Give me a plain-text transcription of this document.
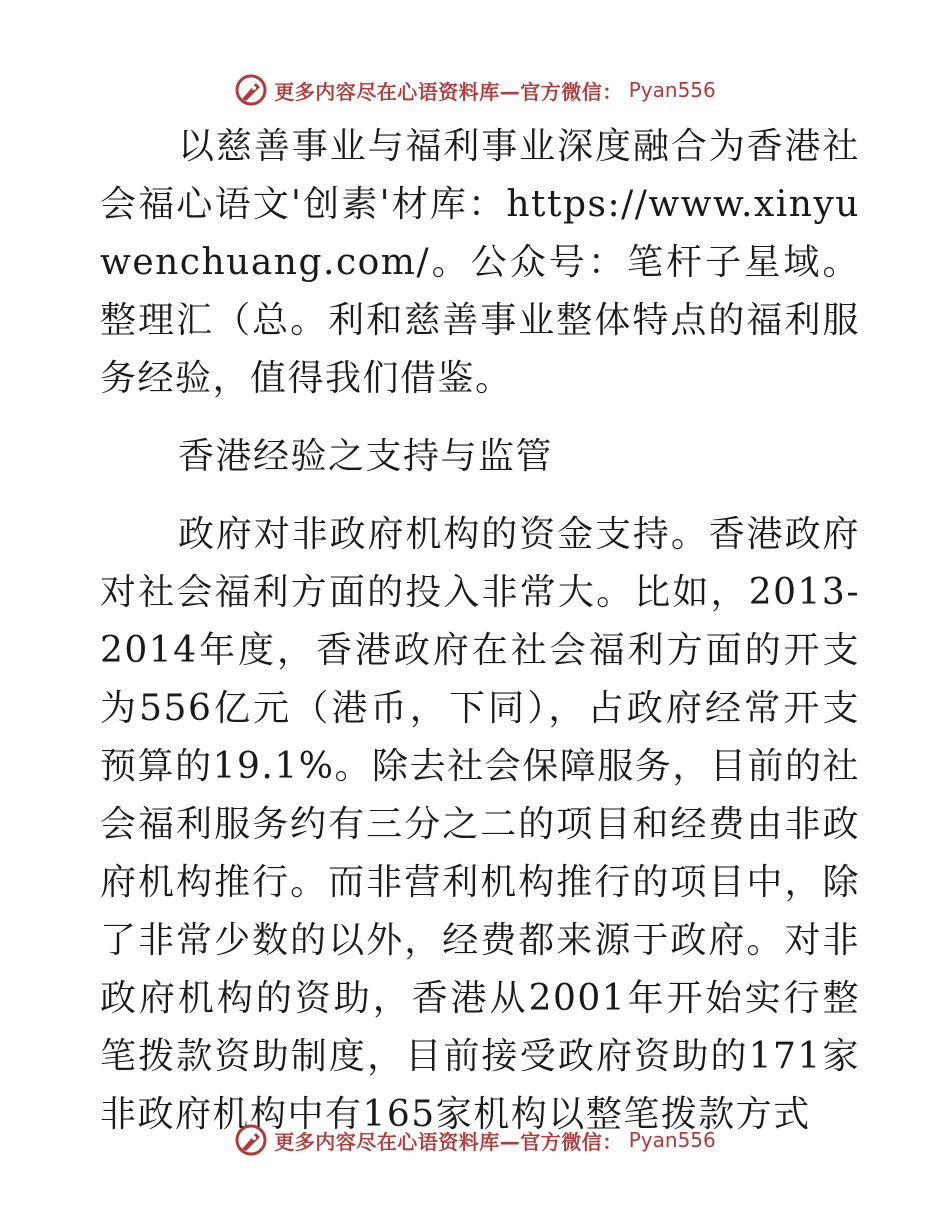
更多内容尽在心语资料库—官方微信： Pyan556

以慈善事业与福利事业深度融合为香港社会福心语文'创素'材库：https://www.xinyuwenchuang.com/。公众号：笔杆子星域。整理汇（总。利和慈善事业整体特点的福利服务经验，值得我们借鉴。

香港经验之支持与监管

政府对非政府机构的资金支持。香港政府对社会福利方面的投入非常大。比如，2013-2014年度，香港政府在社会福利方面的开支为556亿元（港币，下同），占政府经常开支预算的19.1%。除去社会保障服务，目前的社会福利服务约有三分之二的项目和经费由非政府机构推行。而非营利机构推行的项目中，除了非常少数的以外，经费都来源于政府。对非政府机构的资助，香港从2001年开始实行整笔拨款资助制度，目前接受政府资助的171家非政府机构中有165家机构以整笔拨款方式

更多内容尽在心语资料库—官方微信： Pyan556
